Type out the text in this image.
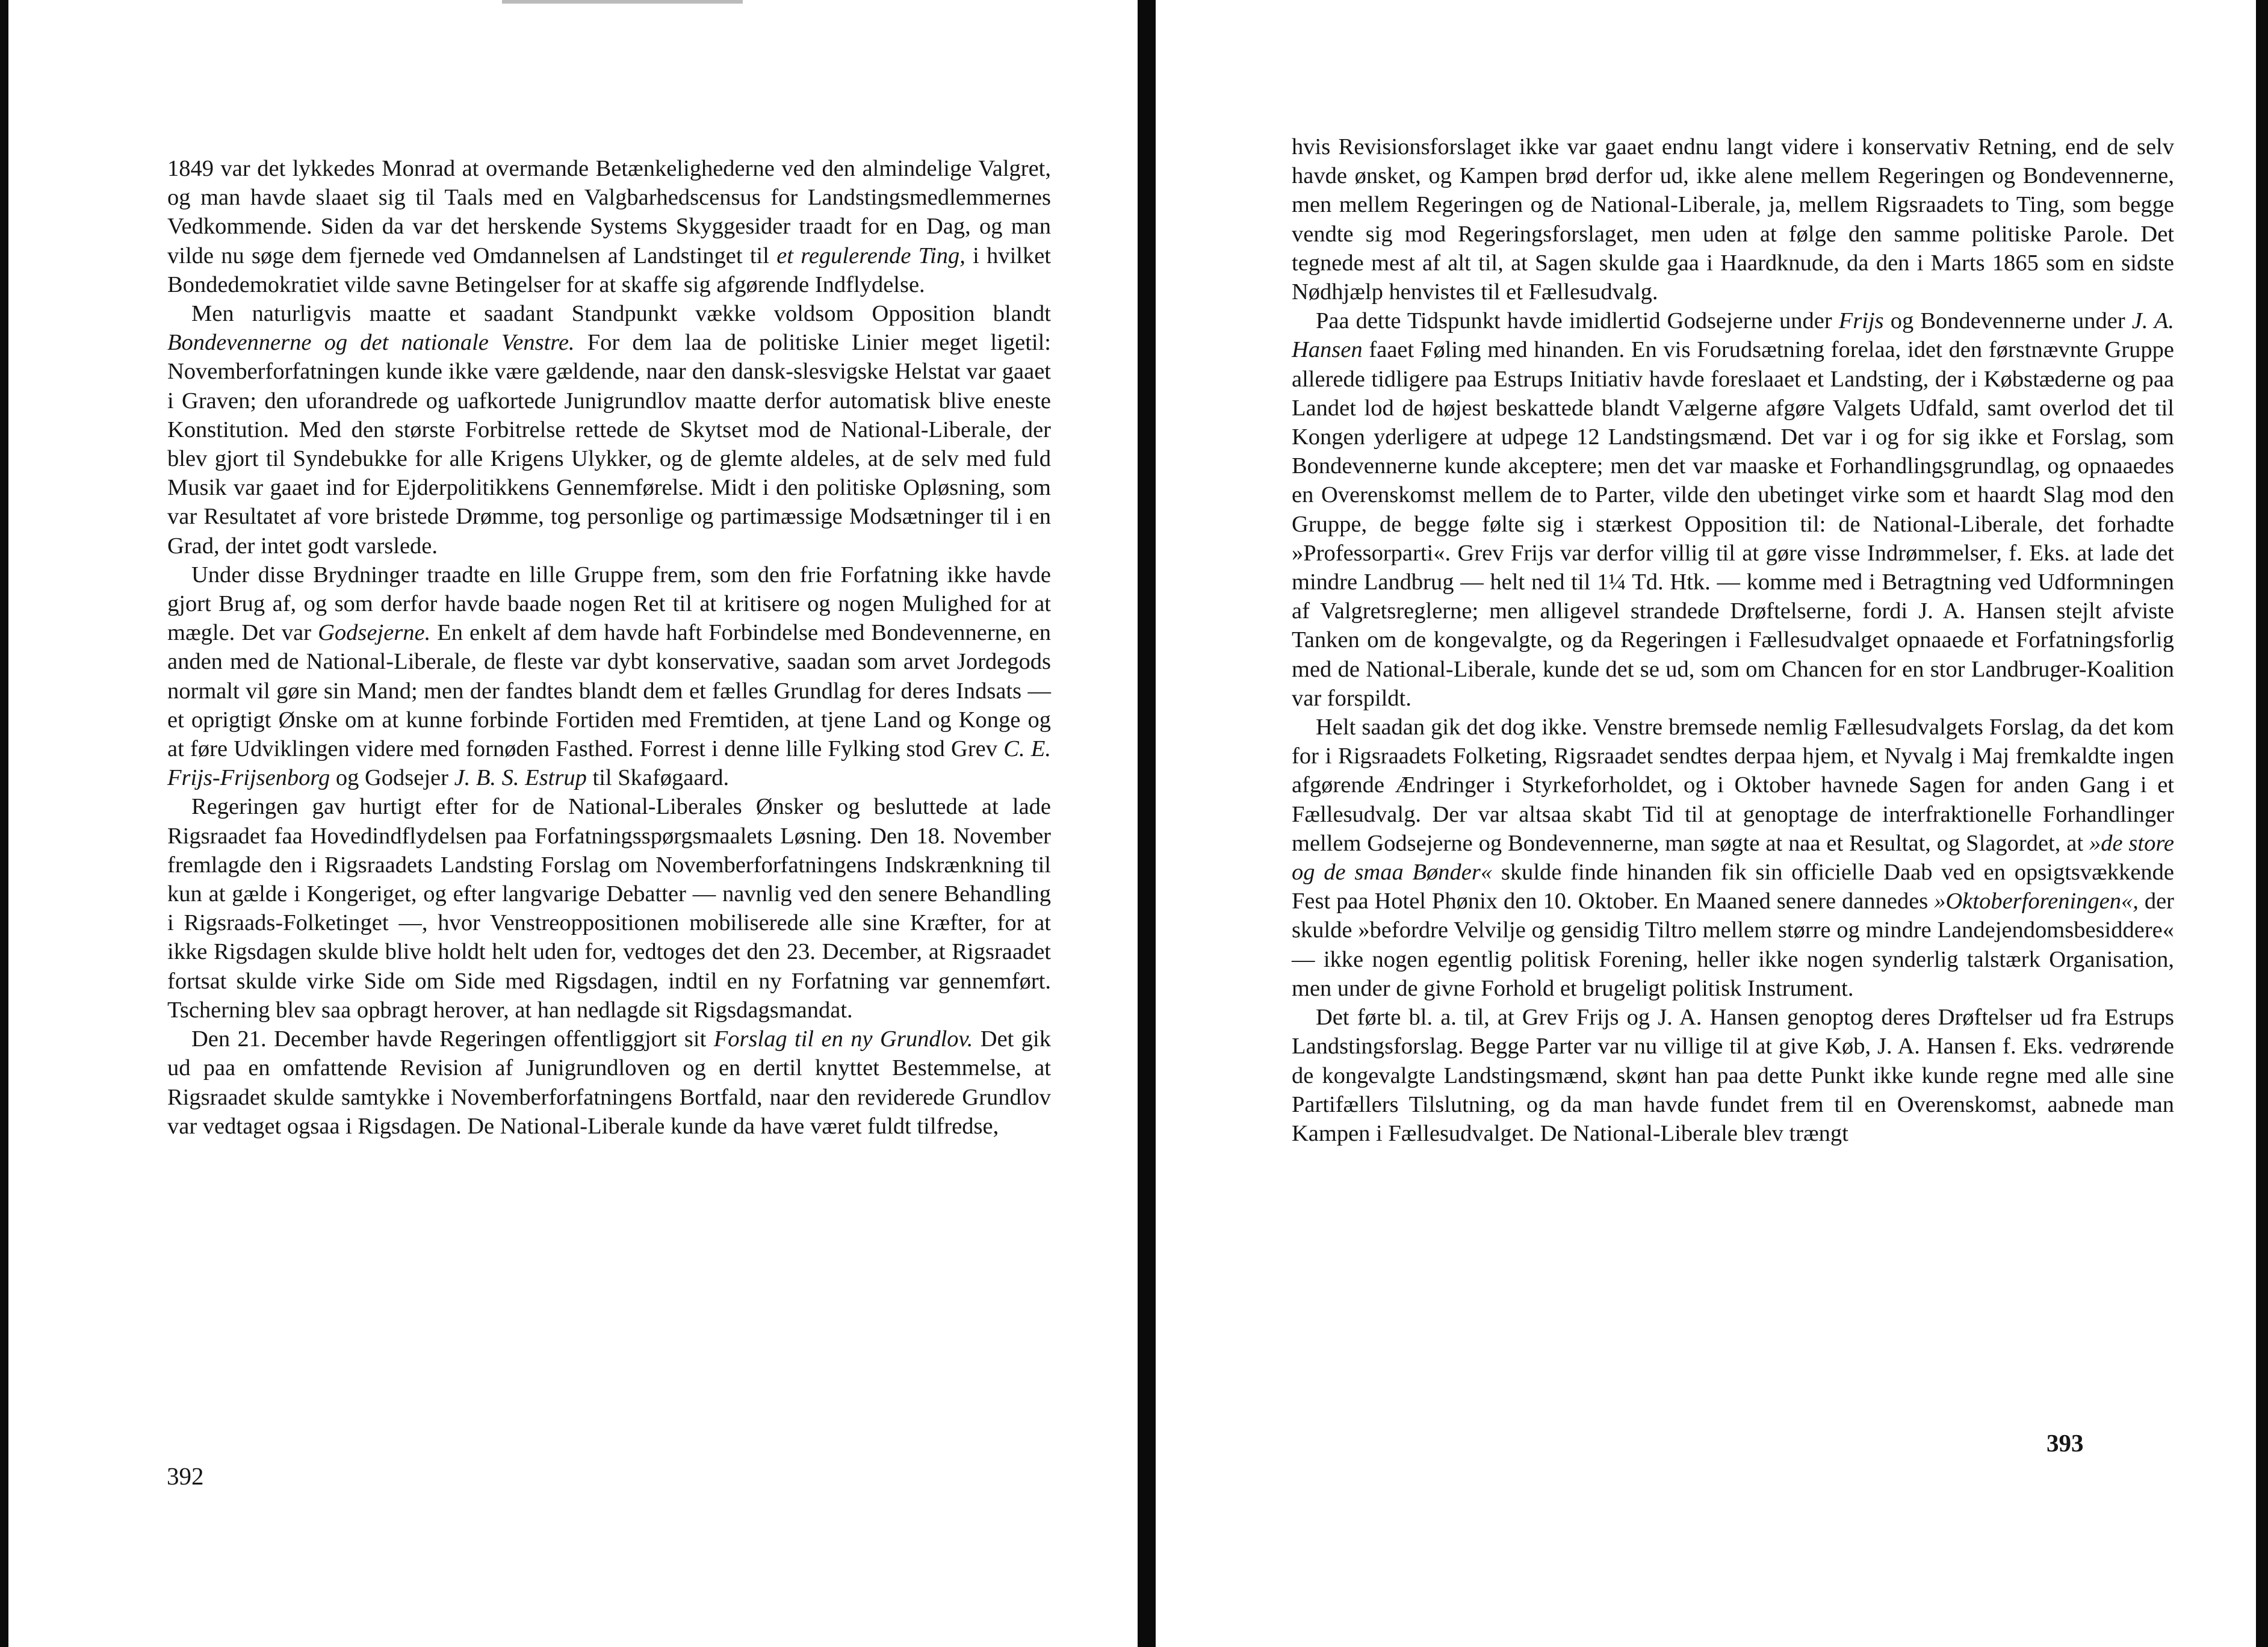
1849 var det lykkedes Monrad at overmande Betænkelighederne ved den almindelige Valgret, og man havde slaaet sig til Taals med en Valgbarhedscensus for Landstingsmedlemmernes Vedkommende. Siden da var det herskende Systems Skyggesider traadt for en Dag, og man vilde nu søge dem fjernede ved Omdannelsen af Landstinget til et regulerende Ting, i hvilket Bondedemokratiet vilde savne Betingelser for at skaffe sig afgørende Indflydelse.

Men naturligvis maatte et saadant Standpunkt vække voldsom Opposition blandt Bondevennerne og det nationale Venstre. For dem laa de politiske Linier meget ligetil: Novemberforfatningen kunde ikke være gældende, naar den dansk-slesvigske Helstat var gaaet i Graven; den uforandrede og uafkortede Junigrundlov maatte derfor automatisk blive eneste Konstitution. Med den største Forbitrelse rettede de Skytset mod de National-Liberale, der blev gjort til Syndebukke for alle Krigens Ulykker, og de glemte aldeles, at de selv med fuld Musik var gaaet ind for Ejderpolitikkens Gennemførelse. Midt i den politiske Opløsning, som var Resultatet af vore bristede Drømme, tog personlige og partimæssige Modsætninger til i en Grad, der intet godt varslede.

Under disse Brydninger traadte en lille Gruppe frem, som den frie Forfatning ikke havde gjort Brug af, og som derfor havde baade nogen Ret til at kritisere og nogen Mulighed for at mægle. Det var Godsejerne. En enkelt af dem havde haft Forbindelse med Bondevennerne, en anden med de National-Liberale, de fleste var dybt konservative, saadan som arvet Jordegods normalt vil gøre sin Mand; men der fandtes blandt dem et fælles Grundlag for deres Indsats — et oprigtigt Ønske om at kunne forbinde Fortiden med Fremtiden, at tjene Land og Konge og at føre Udviklingen videre med fornøden Fasthed. Forrest i denne lille Fylking stod Grev C. E. Frijs-Frijsenborg og Godsejer J. B. S. Estrup til Skaføgaard.

Regeringen gav hurtigt efter for de National-Liberales Ønsker og besluttede at lade Rigsraadet faa Hovedindflydelsen paa Forfatningsspørgsmaalets Løsning. Den 18. November fremlagde den i Rigsraadets Landsting Forslag om Novemberforfatningens Indskrænkning til kun at gælde i Kongeriget, og efter langvarige Debatter — navnlig ved den senere Behandling i Rigsraads-Folketinget —, hvor Venstreoppositionen mobiliserede alle sine Kræfter, for at ikke Rigsdagen skulde blive holdt helt uden for, vedtoges det den 23. December, at Rigsraadet fortsat skulde virke Side om Side med Rigsdagen, indtil en ny Forfatning var gennemført. Tscherning blev saa opbragt herover, at han nedlagde sit Rigsdagsmandat.

Den 21. December havde Regeringen offentliggjort sit Forslag til en ny Grundlov. Det gik ud paa en omfattende Revision af Junigrundloven og en dertil knyttet Bestemmelse, at Rigsraadet skulde samtykke i Novemberforfatningens Bortfald, naar den reviderede Grundlov var vedtaget ogsaa i Rigsdagen. De National-Liberale kunde da have været fuldt tilfredse,

392

hvis Revisionsforslaget ikke var gaaet endnu langt videre i konservativ Retning, end de selv havde ønsket, og Kampen brød derfor ud, ikke alene mellem Regeringen og Bondevennerne, men mellem Regeringen og de National-Liberale, ja, mellem Rigsraadets to Ting, som begge vendte sig mod Regeringsforslaget, men uden at følge den samme politiske Parole. Det tegnede mest af alt til, at Sagen skulde gaa i Haardknude, da den i Marts 1865 som en sidste Nødhjælp henvistes til et Fællesudvalg.

Paa dette Tidspunkt havde imidlertid Godsejerne under Frijs og Bondevennerne under J. A. Hansen faaet Føling med hinanden. En vis Forudsætning forelaa, idet den førstnævnte Gruppe allerede tidligere paa Estrups Initiativ havde foreslaaet et Landsting, der i Købstæderne og paa Landet lod de højest beskattede blandt Vælgerne afgøre Valgets Udfald, samt overlod det til Kongen yderligere at udpege 12 Landstingsmænd. Det var i og for sig ikke et Forslag, som Bondevennerne kunde akceptere; men det var maaske et Forhandlingsgrundlag, og opnaaedes en Overenskomst mellem de to Parter, vilde den ubetinget virke som et haardt Slag mod den Gruppe, de begge følte sig i stærkest Opposition til: de National-Liberale, det forhadte »Professorparti«. Grev Frijs var derfor villig til at gøre visse Indrømmelser, f. Eks. at lade det mindre Landbrug — helt ned til 1¼ Td. Htk. — komme med i Betragtning ved Udformningen af Valgretsreglerne; men alligevel strandede Drøftelserne, fordi J. A. Hansen stejlt afviste Tanken om de kongevalgte, og da Regeringen i Fællesudvalget opnaaede et Forfatningsforlig med de National-Liberale, kunde det se ud, som om Chancen for en stor Landbruger-Koalition var forspildt.

Helt saadan gik det dog ikke. Venstre bremsede nemlig Fællesudvalgets Forslag, da det kom for i Rigsraadets Folketing, Rigsraadet sendtes derpaa hjem, et Nyvalg i Maj fremkaldte ingen afgørende Ændringer i Styrkeforholdet, og i Oktober havnede Sagen for anden Gang i et Fællesudvalg. Der var altsaa skabt Tid til at genoptage de interfraktionelle Forhandlinger mellem Godsejerne og Bondevennerne, man søgte at naa et Resultat, og Slagordet, at »de store og de smaa Bønder« skulde finde hinanden fik sin officielle Daab ved en opsigtsvækkende Fest paa Hotel Phønix den 10. Oktober. En Maaned senere dannedes »Oktoberforeningen«, der skulde »befordre Velvilje og gensidig Tiltro mellem større og mindre Landejendomsbesiddere« — ikke nogen egentlig politisk Forening, heller ikke nogen synderlig talstærk Organisation, men under de givne Forhold et brugeligt politisk Instrument.

Det førte bl. a. til, at Grev Frijs og J. A. Hansen genoptog deres Drøftelser ud fra Estrups Landstingsforslag. Begge Parter var nu villige til at give Køb, J. A. Hansen f. Eks. vedrørende de kongevalgte Landstingsmænd, skønt han paa dette Punkt ikke kunde regne med alle sine Partifællers Tilslutning, og da man havde fundet frem til en Overenskomst, aabnede man Kampen i Fællesudvalget. De National-Liberale blev trængt

393
